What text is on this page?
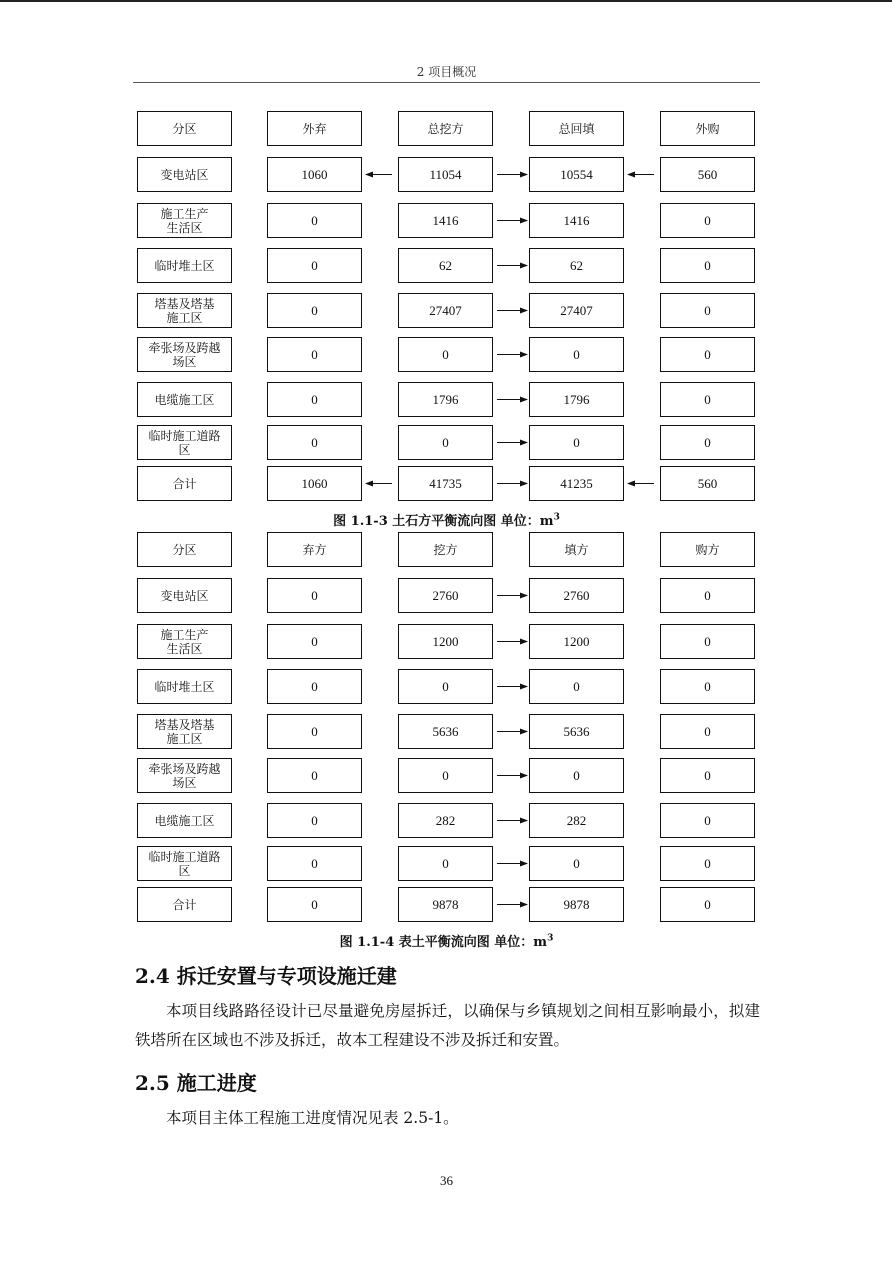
2 项目概况
分区	外弃	总挖方	总回填	外购
变电站区	1060	11054	10554	560
施工生产
生活区	0	1416	1416	0
临时堆土区	0	62	62	0
塔基及塔基
施工区	0	27407	27407	0
牵张场及跨越
场区	0	0	0	0
电缆施工区	0	1796	1796	0
临时施工道路
区	0	0	0	0
合计	1060	41735	41235	560
图 1.1-3 土石方平衡流向图 单位：$m^3$
分区	弃方	挖方	填方	购方
变电站区	0	2760	2760	0
施工生产
生活区	0	1200	1200	0
临时堆土区	0	0	0	0
塔基及塔基
施工区	0	5636	5636	0
牵张场及跨越
场区	0	0	0	0
电缆施工区	0	282	282	0
临时施工道路
区	0	0	0	0
合计	0	9878	9878	0
图 1.1-4 表土平衡流向图 单位：$m^3$
2.4 拆迁安置与专项设施迁建
本项目线路路径设计已尽量避免房屋拆迁，以确保与乡镇规划之间相互影响最小，拟建铁塔所在区域也不涉及拆迁，故本工程建设不涉及拆迁和安置。
2.5 施工进度
本项目主体工程施工进度情况见表 2.5-1。
36
